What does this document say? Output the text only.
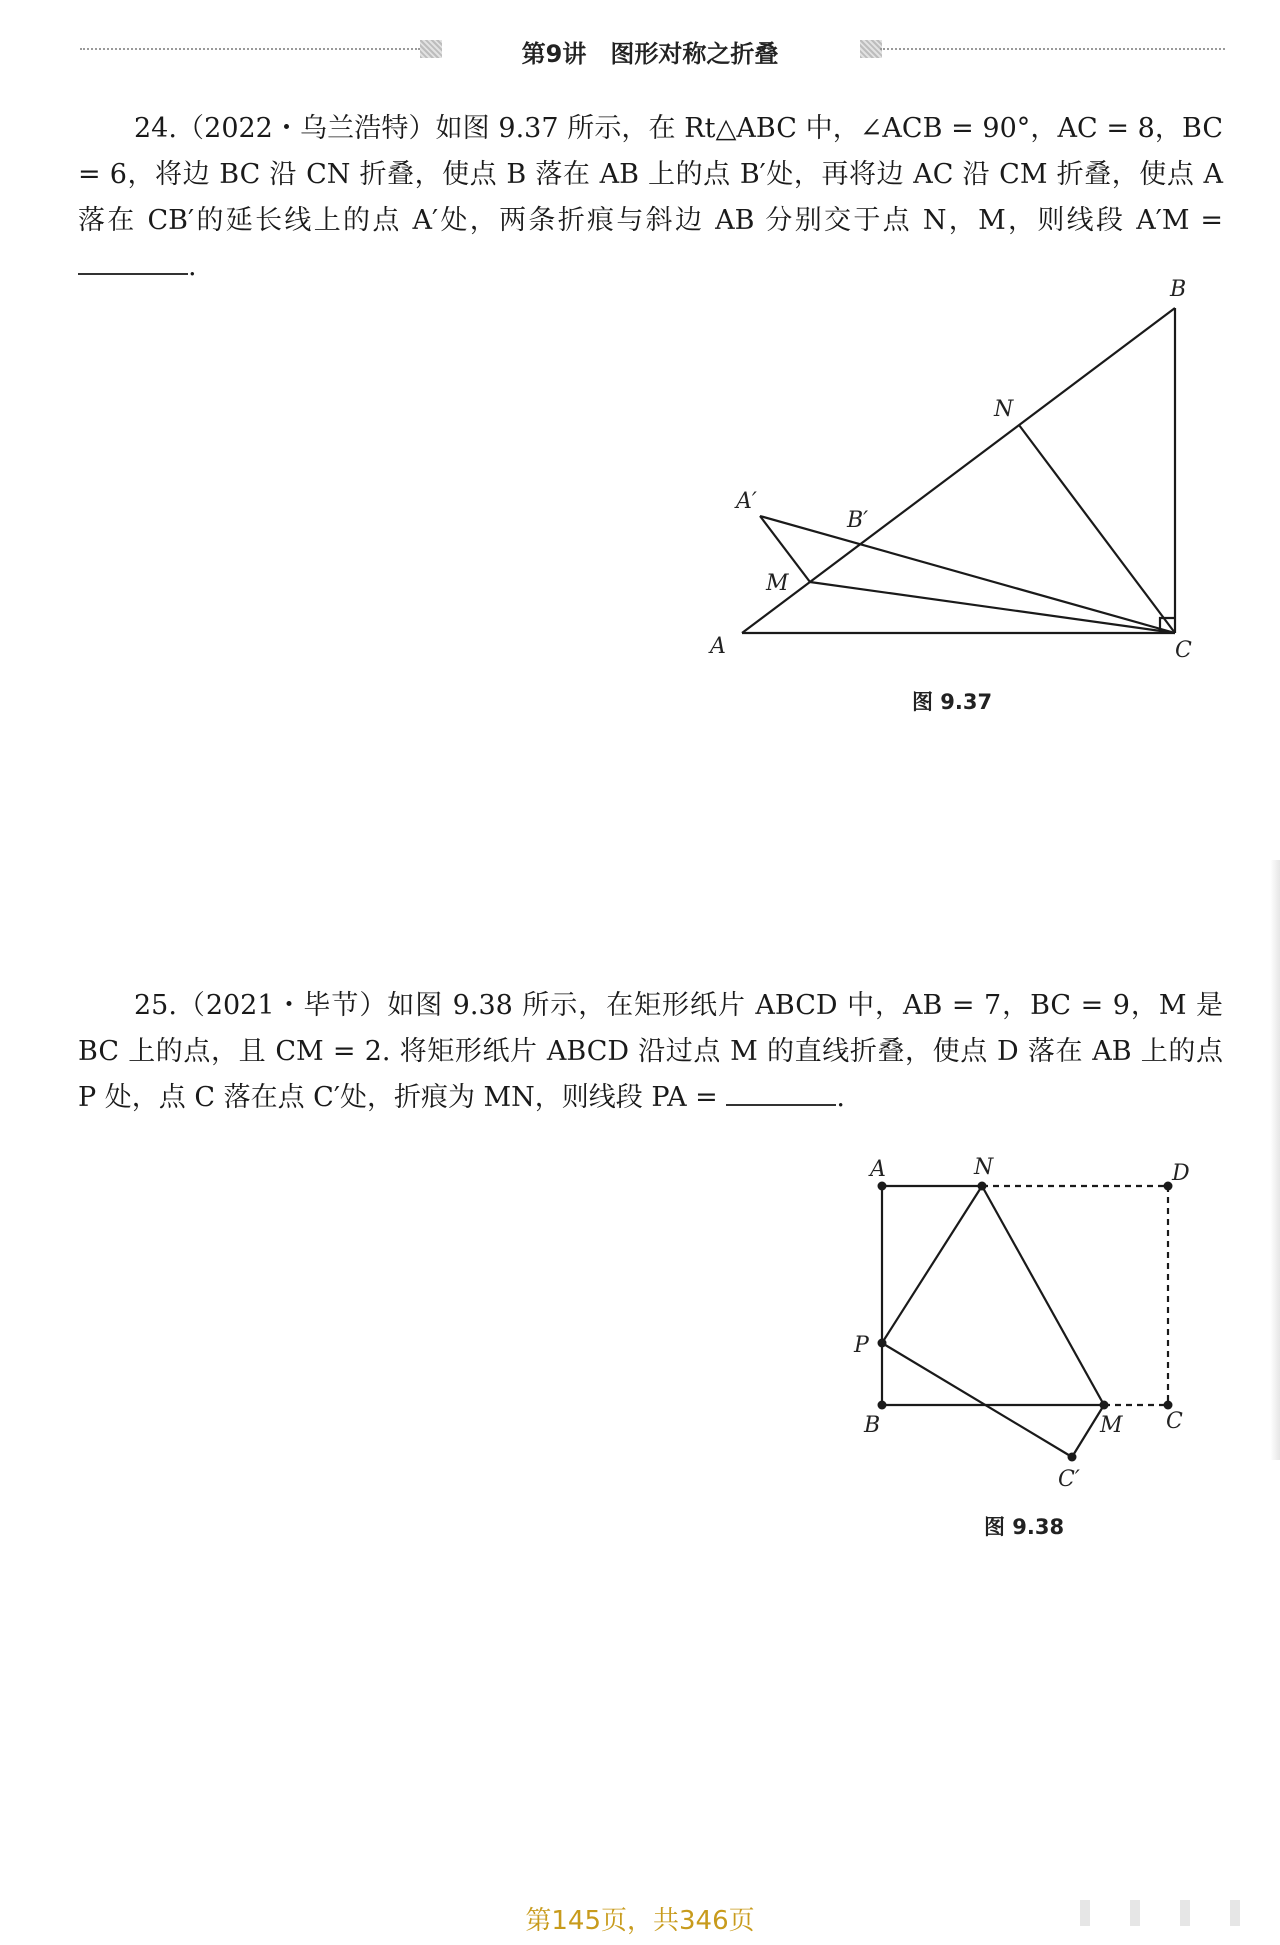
第9讲　图形对称之折叠
24.（2022・乌兰浩特）如图 9.37 所示，在 Rt△ABC 中，∠ACB = 90°，AC = 8，BC = 6，将边 BC 沿 CN 折叠，使点 B 落在 AB 上的点 B′处，再将边 AC 沿 CM 折叠，使点 A 落在 CB′的延长线上的点 A′处，两条折痕与斜边 AB 分别交于点 N，M，则线段 A′M = .
B
N
A′
B′
M
A	C
A	N	D
P
B	M C
C′
图 9.37
25.（2021・毕节）如图 9.38 所示，在矩形纸片 ABCD 中，AB = 7，BC = 9，M 是 BC 上的点，且 CM = 2. 将矩形纸片 ABCD 沿过点 M 的直线折叠，使点 D 落在 AB 上的点 P 处，点 C 落在点 C′处，折痕为 MN，则线段 PA =	.
图 9.38
第145页，共346页
